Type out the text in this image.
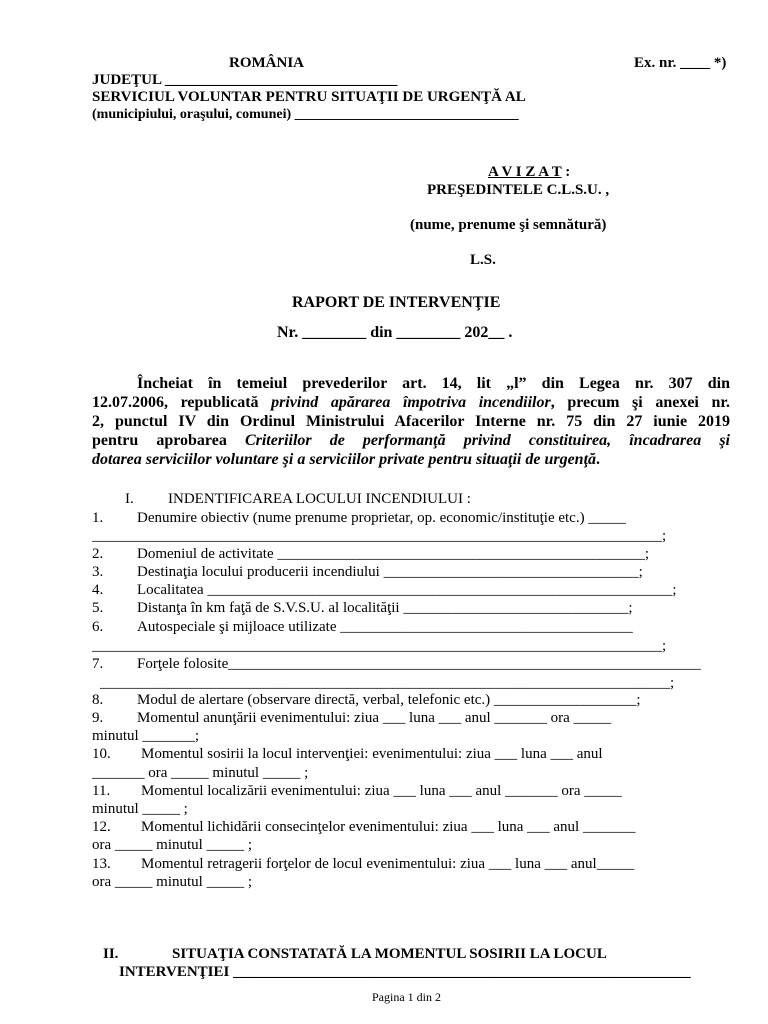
ROMÂNIA	Ex. nr. ____ *)
JUDEŢUL _______________________________
SERVICIUL VOLUNTAR PENTRU SITUAŢII DE URGENŢĂ AL
(municipiului, oraşului, comunei) ________________________________
A V I Z A T :
PREŞEDINTELE C.L.S.U. ,
(nume, prenume şi semnătură)
L.S.
RAPORT DE INTERVENŢIE
Nr. ________ din ________ 202__ .
Încheiat în temeiul prevederilor art. 14, lit „l” din Legea nr. 307 din
12.07.2006, republicată privind apărarea împotriva incendiilor, precum şi anexei nr.
2, punctul IV din Ordinul Ministrului Afacerilor Interne nr. 75 din 27 iunie 2019
pentru aprobarea Criteriilor de performanţă privind constituirea, încadrarea şi
dotarea serviciilor voluntare şi a serviciilor private pentru situaţii de urgenţă.
I. INDENTIFICAREA LOCULUI INCENDIULUI :
1. Denumire obiectiv (nume prenume proprietar, op. economic/instituţie etc.) _____
____________________________________________________________________________;
2. Domeniul de activitate _________________________________________________;
3. Destinaţia locului producerii incendiului __________________________________;
4. Localitatea ______________________________________________________________;
5. Distanţa în km faţă de S.V.S.U. al localităţii ______________________________;
6. Autospeciale şi mijloace utilizate _______________________________________
____________________________________________________________________________;
7. Forţele folosite_______________________________________________________________
____________________________________________________________________________;
8. Modul de alertare (observare directă, verbal, telefonic etc.) ___________________;
9. Momentul anunţării evenimentului: ziua ___ luna ___ anul _______ ora _____
minutul _______;
10. Momentul sosirii la locul intervenţiei: evenimentului: ziua ___ luna ___ anul
_______ ora _____ minutul _____ ;
11. Momentul localizării evenimentului: ziua ___ luna ___ anul _______ ora _____
minutul _____ ;
12. Momentul lichidării consecinţelor evenimentului: ziua ___ luna ___ anul _______
ora _____ minutul _____ ;
13. Momentul retragerii forţelor de locul evenimentului: ziua ___ luna ___ anul_____
ora _____ minutul _____ ;
II.	SITUAŢIA CONSTATATĂ LA MOMENTUL SOSIRII LA LOCUL
INTERVENŢIEI _____________________________________________________________
Pagina 1 din 2
